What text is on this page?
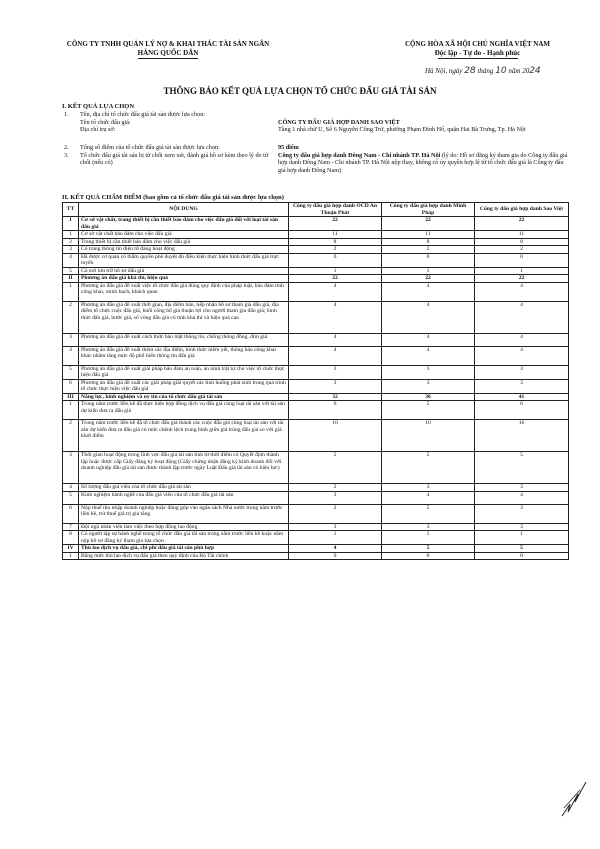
CÔNG TY TNHH QUẢN LÝ NỢ & KHAI THÁC TÀI SẢN NGÂN HÀNG QUỐC DÂN
CỘNG HÒA XÃ HỘI CHỦ NGHĨA VIỆT NAM
Độc lập - Tự do - Hạnh phúc
Hà Nội, ngày 28 tháng 10 năm 2024
THÔNG BÁO KẾT QUẢ LỰA CHỌN TỔ CHỨC ĐẤU GIÁ TÀI SẢN
I. KẾT QUẢ LỰA CHỌN
1. Tên, địa chỉ tổ chức đấu giá tài sản được lựa chọn:
Tên tổ chức đấu giá:	CÔNG TY ĐẤU GIÁ HỢP DANH SAO VIỆT
Địa chỉ trụ sở:	Tầng 1 nhà chữ U, Số 6 Nguyễn Công Trứ, phường Phạm Đình Hổ, quận Hai Bà Trưng, Tp. Hà Nội
2. Tổng số điểm của tổ chức đấu giá tài sản được lựa chọn:	95 điểm
3. Tổ chức đấu giá tài sản bị từ chối xem xét, đánh giá hồ sơ kèm theo lý do từ chối (nếu có)
Công ty đấu giá hợp danh Đông Nam - Chi nhánh TP. Hà Nội (lý do: Hồ sơ đăng ký tham gia do Công ty đấu giá hợp danh Đông Nam - Chi nhánh TP. Hà Nội nộp thay, không có ủy quyền hợp lệ từ tổ chức đấu giá là Công ty đấu giá hợp danh Đông Nam)
II. KẾT QUẢ CHẤM ĐIỂM (bao gồm cả tổ chức đấu giá tài sản được lựa chọn)
TT	NỘI DUNG	Công ty đấu giá hợp danh OCD An Thuận Phát	Công ty đấu giá hợp danh Minh Pháp	Công ty đấu giá hợp danh Sao Việt
I	Cơ sở vật chất, trang thiết bị cần thiết bảo đảm cho việc đấu giá đối với loại tài sản đấu giá	22	22	22
1	Cơ sở vật chất bảo đảm cho việc đấu giá	11	11	11
2	Trang thiết bị cần thiết bảo đảm cho việc đấu giá	8	8	8
3	Có trang thông tin điện tử đang hoạt động	2	2	2
4	Đã được cơ quan có thẩm quyền phê duyệt đủ điều kiện thực hiện hình thức đấu giá trực tuyến	0	0	0
5	Có nơi lưu trữ hồ sơ đấu giá	1	1	1
II	Phương án đấu giá khả thi, hiệu quả	22	22	22
1	Phương án đấu giá đề xuất việc tổ chức đấu giá đúng quy định của pháp luật, bảo đảm tính công khai, minh bạch, khách quan	4	4	4
2	Phương án đấu giá đề xuất thời gian, địa điểm bán, tiếp nhận hồ sơ tham gia đấu giá, địa điểm tổ chức cuộc đấu giá, buổi công bố giá thuận lợi cho người tham gia đấu giá; hình thức đấu giá, bước giá, số vòng đấu giá có tính khả thi và hiệu quả cao	4	4	4
3	Phương án đấu giá đề xuất cách thức bảo mật thông tin, chống thông đồng, dìm giá	4	4	4
4	Phương án đấu giá đề xuất thêm các địa điểm, hình thức niêm yết, thông báo công khai khác nhằm tăng mức độ phổ biến thông tin đấu giá	4	4	4
5	Phương án đấu giá đề xuất giải pháp bảo đảm an toàn, an ninh trật tự cho việc tổ chức thực hiện đấu giá	3	3	3
6	Phương án đấu giá đề xuất các giải pháp giải quyết các tình huống phát sinh trong quá trình tổ chức thực hiện việc đấu giá	3	3	3
III	Năng lực, kinh nghiệm và uy tín của tổ chức đấu giá tài sản	32	36	41
1	Trong năm trước liền kề đã thực hiện hợp đồng dịch vụ đấu giá cùng loại tài sản với tài sản dự kiến đưa ra đấu giá	6	5	6
2	Trong năm trước liền kề đã tổ chức đấu giá thành các cuộc đấu giá cùng loại tài sản với tài sản dự kiến đưa ra đấu giá có mức chênh lệch trung bình giữa giá trúng đấu giá so với giá khởi điểm	10	10	16
3	Thời gian hoạt động trong lĩnh vực đấu giá tài sản tính từ thời điểm có Quyết định thành lập hoặc được cấp Giấy đăng ký hoạt động (Giấy chứng nhận đăng ký kinh doanh đối với doanh nghiệp đấu giá tài sản được thành lập trước ngày Luật Đấu giá tài sản có hiệu lực)	5	5	5
4	Số lượng đấu giá viên của tổ chức đấu giá tài sản	2	3	3
5	Kinh nghiệm hành nghề của đấu giá viên của tổ chức đấu giá tài sản	3	4	4
6	Nộp thuế thu nhập doanh nghiệp hoặc đóng góp vào ngân sách Nhà nước trong năm trước liền kề, trừ thuế giá trị gia tăng	2	5	3
7	Đội ngũ nhân viên làm việc theo hợp đồng lao động	3	3	3
8	Có người tập sự hành nghề trong tổ chức đấu giá tài sản trong năm trước liền kề hoặc năm nộp hồ sơ đăng ký tham gia lựa chọn	1	1	1
IV	Thù lao dịch vụ đấu giá, chi phí đấu giá tài sản phù hợp	4	5	5
1	Bằng mức thù lao dịch vụ đấu giá theo quy định của Bộ Tài chính	0	0	0
